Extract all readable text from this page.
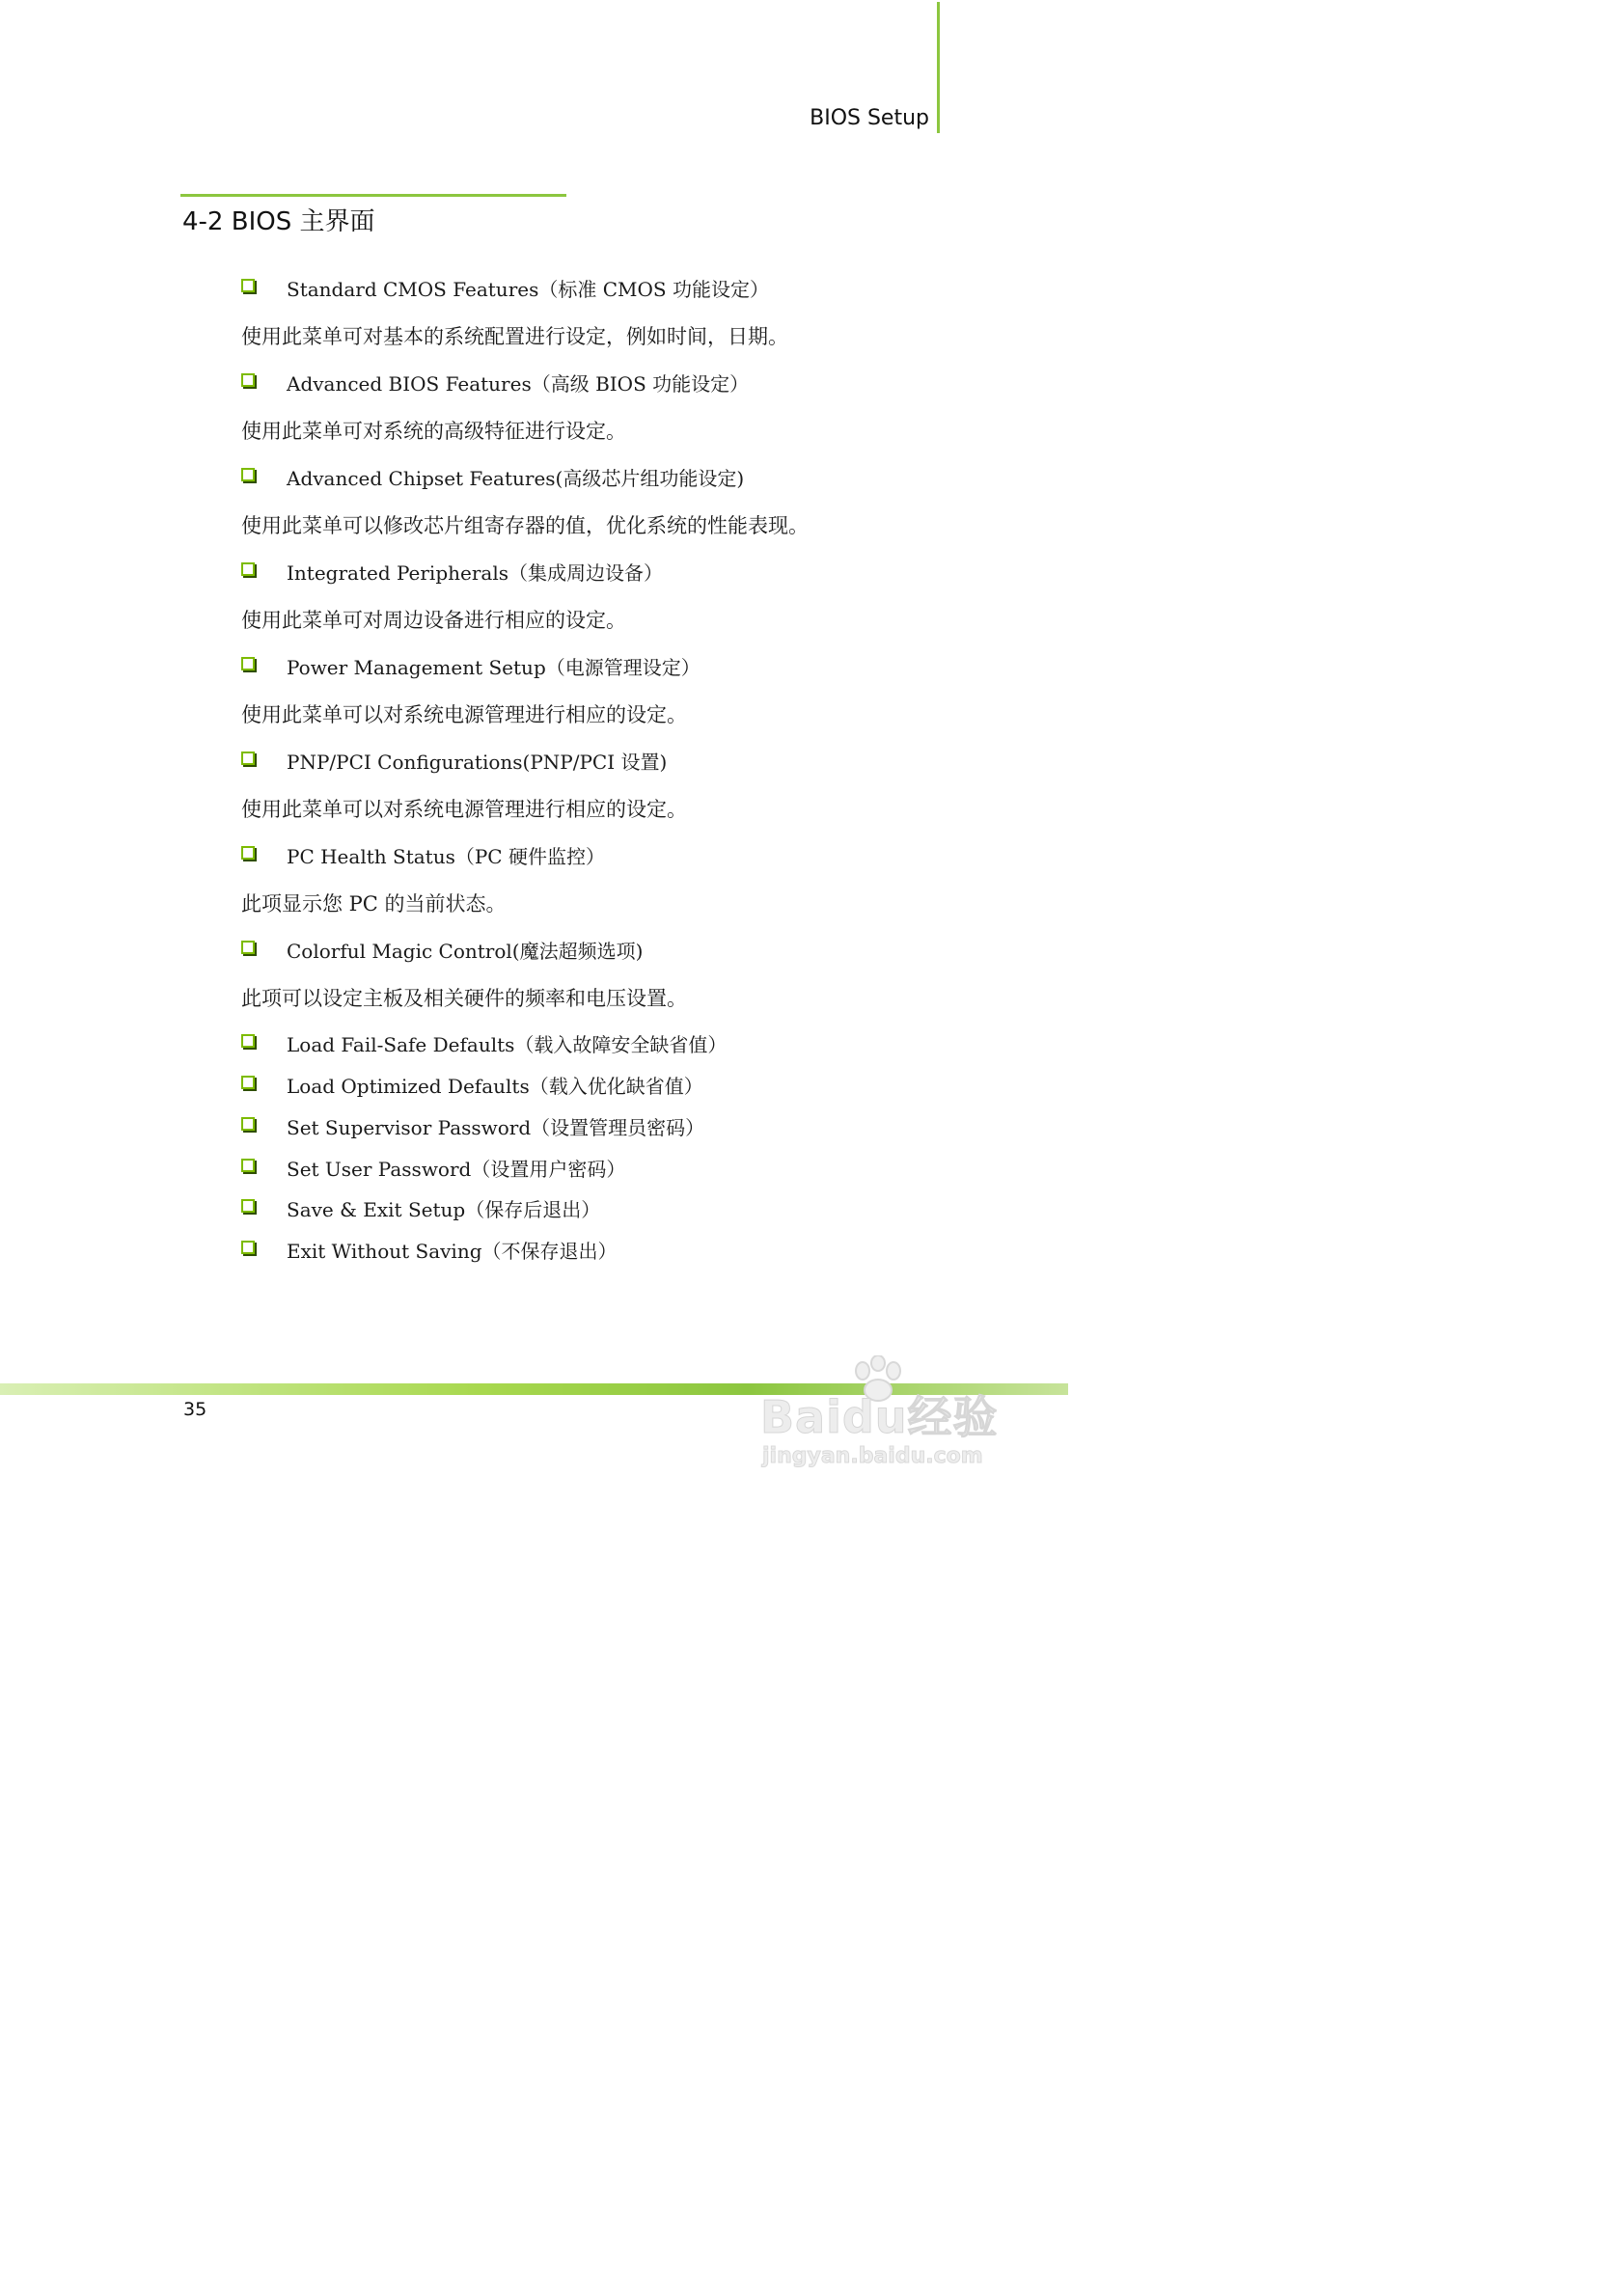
BIOS Setup
4-2 BIOS 主界面
Standard CMOS Features（标准 CMOS 功能设定）
使用此菜单可对基本的系统配置进行设定，例如时间，日期。
Advanced BIOS Features（高级 BIOS 功能设定）
使用此菜单可对系统的高级特征进行设定。
Advanced Chipset Features(高级芯片组功能设定)
使用此菜单可以修改芯片组寄存器的值，优化系统的性能表现。
Integrated Peripherals（集成周边设备）
使用此菜单可对周边设备进行相应的设定。
Power Management Setup（电源管理设定）
使用此菜单可以对系统电源管理进行相应的设定。
PNP/PCI Configurations(PNP/PCI 设置)
使用此菜单可以对系统电源管理进行相应的设定。
PC Health Status（PC 硬件监控）
此项显示您 PC 的当前状态。
Colorful Magic Control(魔法超频选项)
此项可以设定主板及相关硬件的频率和电压设置。
Load Fail-Safe Defaults（载入故障安全缺省值）
Load Optimized Defaults（载入优化缺省值）
Set Supervisor Password（设置管理员密码）
Set User Password（设置用户密码）
Save & Exit Setup（保存后退出）
Exit Without Saving（不保存退出）
35	Baidu经验
jingyan.baidu.com
